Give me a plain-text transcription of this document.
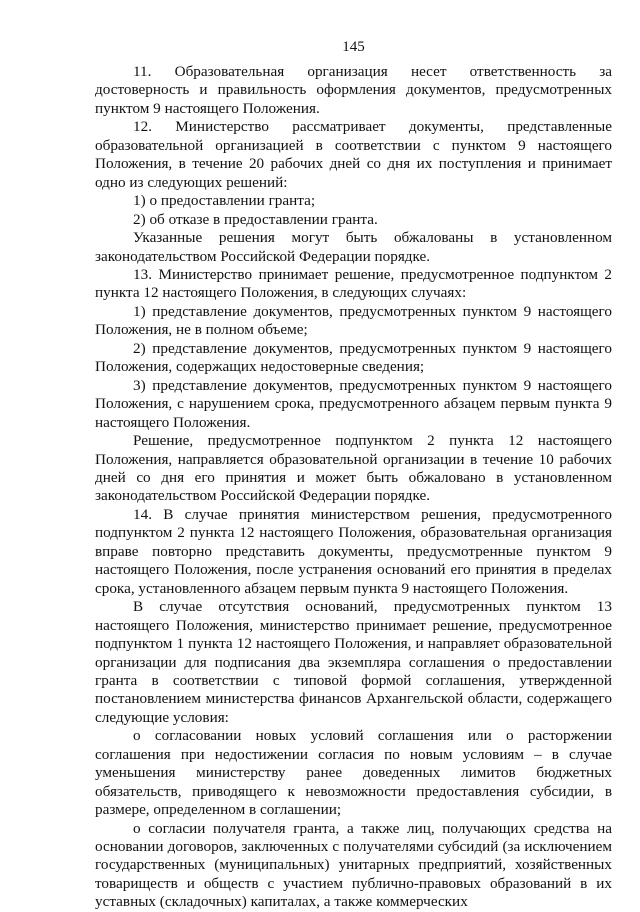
145

11. Образовательная организация несет ответственность за достоверность и правильность оформления документов, предусмотренных пунктом 9 настоящего Положения.

12. Министерство рассматривает документы, представленные образовательной организацией в соответствии с пунктом 9 настоящего Положения, в течение 20 рабочих дней со дня их поступления и принимает одно из следующих решений:

1) о предоставлении гранта;

2) об отказе в предоставлении гранта.

Указанные решения могут быть обжалованы в установленном законодательством Российской Федерации порядке.

13. Министерство принимает решение, предусмотренное подпунктом 2 пункта 12 настоящего Положения, в следующих случаях:

1) представление документов, предусмотренных пунктом 9 настоящего Положения, не в полном объеме;

2) представление документов, предусмотренных пунктом 9 настоящего Положения, содержащих недостоверные сведения;

3) представление документов, предусмотренных пунктом 9 настоящего Положения, с нарушением срока, предусмотренного абзацем первым пункта 9 настоящего Положения.

Решение, предусмотренное подпунктом 2 пункта 12 настоящего Положения, направляется образовательной организации в течение 10 рабочих дней со дня его принятия и может быть обжаловано в установленном законодательством Российской Федерации порядке.

14. В случае принятия министерством решения, предусмотренного подпунктом 2 пункта 12 настоящего Положения, образовательная организация вправе повторно представить документы, предусмотренные пунктом 9 настоящего Положения, после устранения оснований его принятия в пределах срока, установленного абзацем первым пункта 9 настоящего Положения.

В случае отсутствия оснований, предусмотренных пунктом 13 настоящего Положения, министерство принимает решение, предусмотренное подпунктом 1 пункта 12 настоящего Положения, и направляет образовательной организации для подписания два экземпляра соглашения о предоставлении гранта в соответствии с типовой формой соглашения, утвержденной постановлением министерства финансов Архангельской области, содержащего следующие условия:

о согласовании новых условий соглашения или о расторжении соглашения при недостижении согласия по новым условиям – в случае уменьшения министерству ранее доведенных лимитов бюджетных обязательств, приводящего к невозможности предоставления субсидии, в размере, определенном в соглашении;

о согласии получателя гранта, а также лиц, получающих средства на основании договоров, заключенных с получателями субсидий (за исключением государственных (муниципальных) унитарных предприятий, хозяйственных товариществ и обществ с участием публично-правовых образований в их уставных (складочных) капиталах, а также коммерческих
